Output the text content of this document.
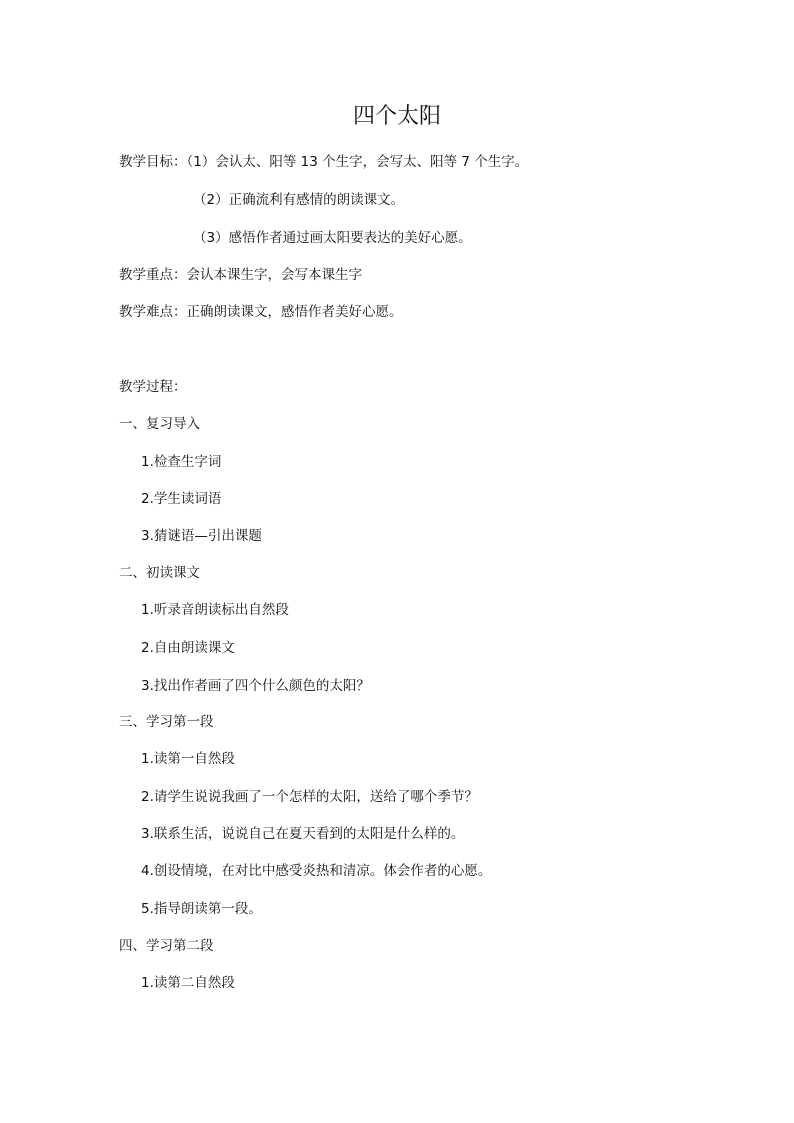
四个太阳

教学目标：（1）会认太、阳等 13 个生字，会写太、阳等 7 个生字。

（2）正确流利有感情的朗读课文。

（3）感悟作者通过画太阳要表达的美好心愿。

教学重点：会认本课生字，会写本课生字

教学难点：正确朗读课文，感悟作者美好心愿。

教学过程：

一、复习导入

1.检查生字词

2.学生读词语

3.猜谜语—引出课题

二、初读课文

1.听录音朗读标出自然段

2.自由朗读课文

3.找出作者画了四个什么颜色的太阳？

三、学习第一段

1.读第一自然段

2.请学生说说我画了一个怎样的太阳，送给了哪个季节？

3.联系生活，说说自己在夏天看到的太阳是什么样的。

4.创设情境，在对比中感受炎热和清凉。体会作者的心愿。

5.指导朗读第一段。

四、学习第二段

1.读第二自然段
